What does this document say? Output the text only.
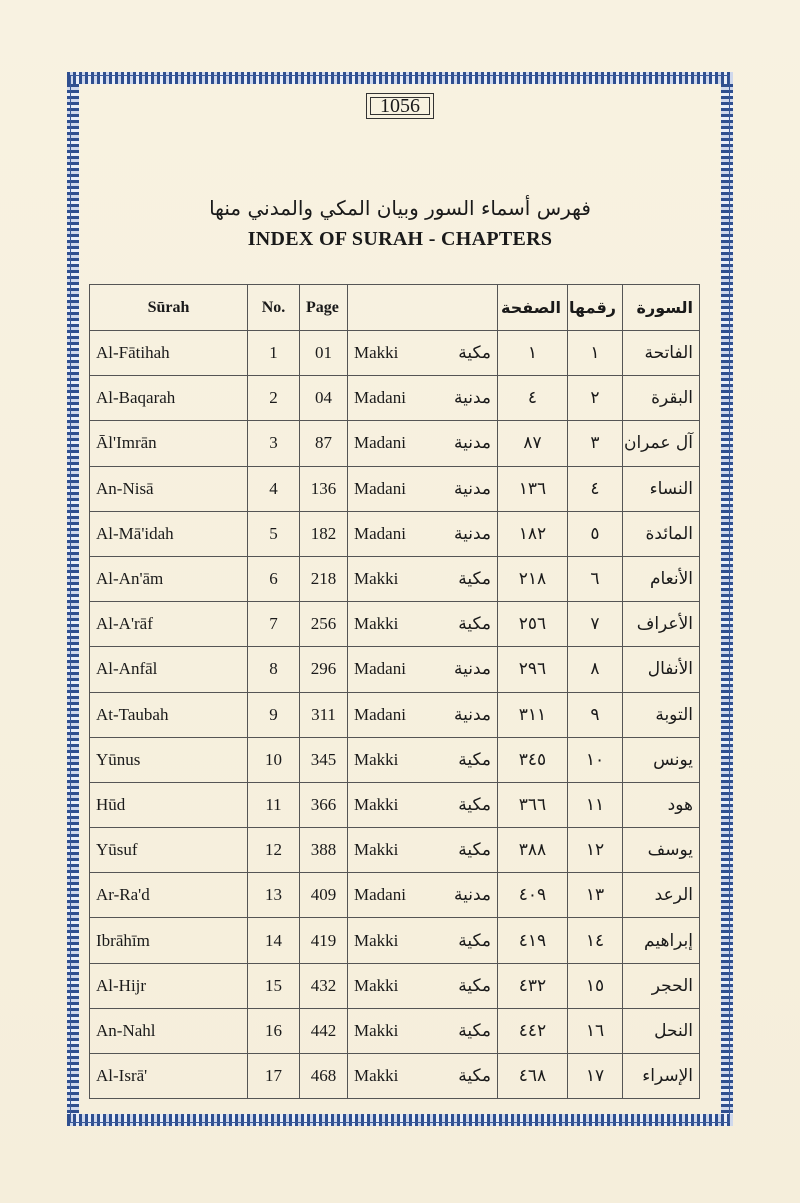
1056
فهرس أسماء السور وبيان المكي والمدني منها
INDEX OF SURAH - CHAPTERS
Sūrah	No.	Page			الصفحة	رقمها	السورة
Al-Fātihah	1	01	Makki	مكية	١	١	الفاتحة
Al-Baqarah	2	04	Madani	مدنية	٤	٢	البقرة
Āl'Imrān	3	87	Madani	مدنية	٨٧	٣	آل عمران
An-Nisā	4	136	Madani	مدنية	١٣٦	٤	النساء
Al-Mā'idah	5	182	Madani	مدنية	١٨٢	٥	المائدة
Al-An'ām	6	218	Makki	مكية	٢١٨	٦	الأنعام
Al-A'rāf	7	256	Makki	مكية	٢٥٦	٧	الأعراف
Al-Anfāl	8	296	Madani	مدنية	٢٩٦	٨	الأنفال
At-Taubah	9	311	Madani	مدنية	٣١١	٩	التوبة
Yūnus	10	345	Makki	مكية	٣٤٥	١٠	يونس
Hūd	11	366	Makki	مكية	٣٦٦	١١	هود
Yūsuf	12	388	Makki	مكية	٣٨٨	١٢	يوسف
Ar-Ra'd	13	409	Madani	مدنية	٤٠٩	١٣	الرعد
Ibrāhīm	14	419	Makki	مكية	٤١٩	١٤	إبراهيم
Al-Hijr	15	432	Makki	مكية	٤٣٢	١٥	الحجر
An-Nahl	16	442	Makki	مكية	٤٤٢	١٦	النحل
Al-Isrā'	17	468	Makki	مكية	٤٦٨	١٧	الإسراء
